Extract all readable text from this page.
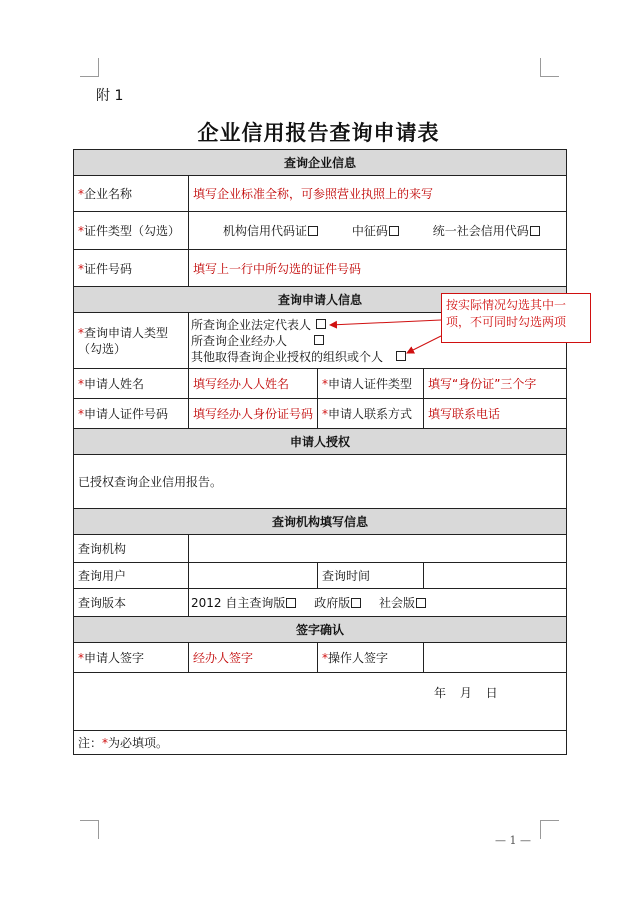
附 1
企业信用报告查询申请表
查询企业信息			
*企业名称	填写企业标准全称，可参照营业执照上的来写		
*证件类型（勾选）	机构信用代码证 中征码 统一社会信用代码		
*证件号码	填写上一行中所勾选的证件号码		
查询申请人信息			
*查询申请人类型（勾选）	所查询企业法定代表人
所查询企业经办人
其他取得查询企业授权的组织或个人		

*申请人姓名	填写经办人人姓名	*申请人证件类型	填写“身份证”三个字
*申请人证件号码	填写经办人身份证号码	*申请人联系方式	填写联系电话
申请人授权			
已授权查询企业信用报告。			
查询机构填写信息			
查询机构			
查询用户		查询时间	
查询版本	2012 自主查询版 政府版 社会版		
签字确认			
*申请人签字	经办人签字	*操作人签字	

年 月 日			

注：*为必填项。			
按实际情况勾选其中一项，不可同时勾选两项
— 1 —
